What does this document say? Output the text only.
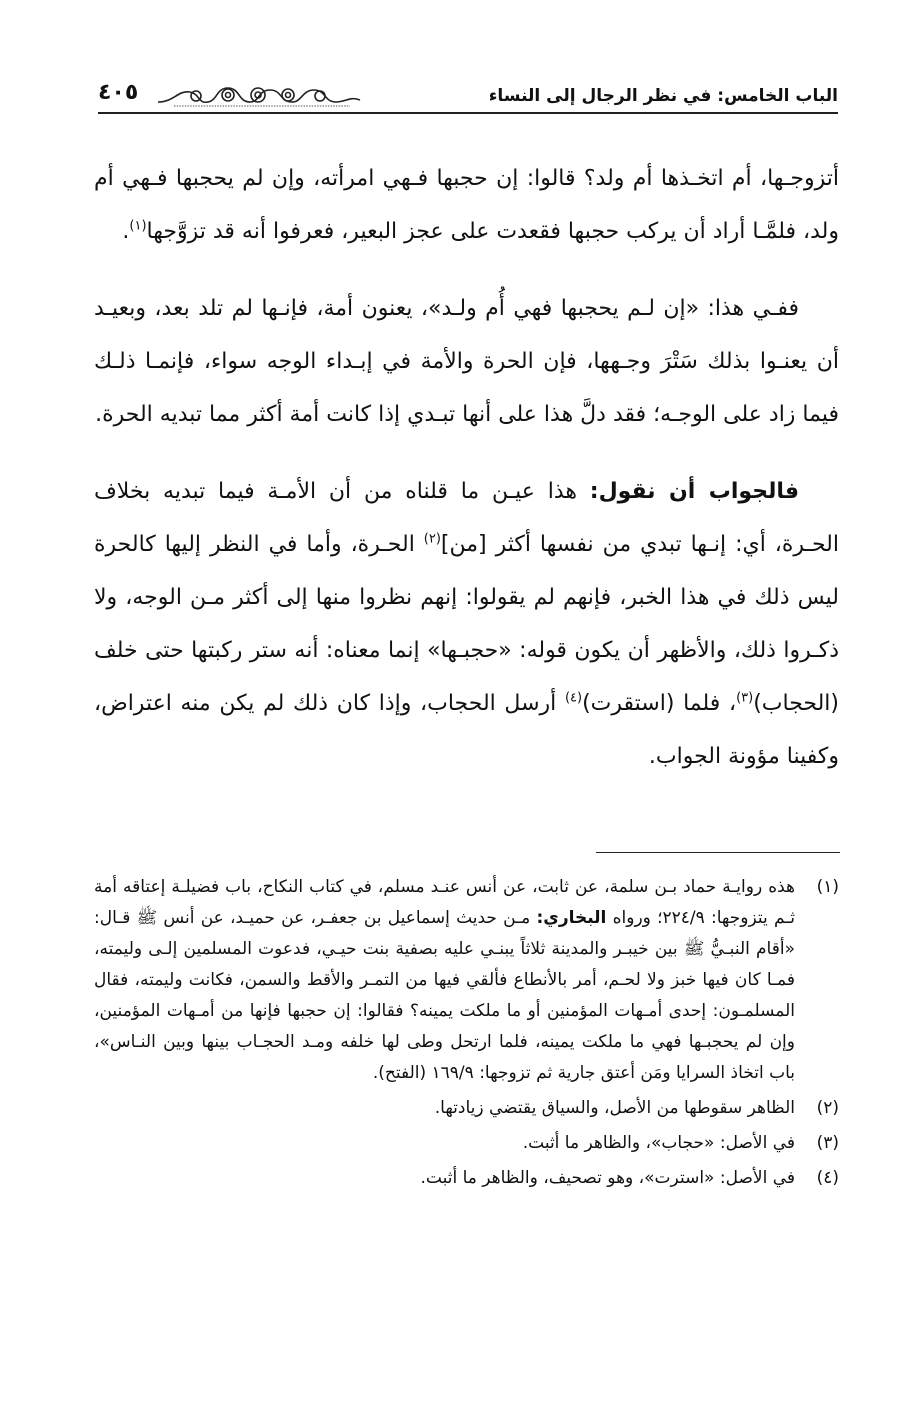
الباب الخامس: في نظر الرجال إلى النساء
٤٠٥

أتزوجـها، أم اتخـذها أم ولد؟ قالوا: إن حجبها فـهي امرأته، وإن لم يحجبها فـهي أم ولد، فلمَّـا أراد أن يركب حجبها فقعدت على عجز البعير، فعرفوا أنه قد تزوَّجها$^{(١)}$.

ففـي هذا: «إن لـم يحجبها فهي أُم ولـد»، يعنون أمة، فإنـها لم تلد بعد، وبعيـد أن يعنـوا بذلك سَتْرَ وجـهها، فإن الحرة والأمة في إبـداء الوجه سواء، فإنمـا ذلـك فيما زاد على الوجـه؛ فقد دلَّ هذا على أنها تبـدي إذا كانت أمة أكثر مما تبديه الحرة.

فالجواب أن نقول: هذا عيـن ما قلناه من أن الأمـة فيما تبديه بخلاف الحـرة، أي: إنـها تبدي من نفسها أكثر [من]$^{(٢)}$ الحـرة، وأما في النظر إليها كالحرة ليس ذلك في هذا الخبر، فإنهم لم يقولوا: إنهم نظروا منها إلى أكثر مـن الوجه، ولا ذكـروا ذلك، والأظهر أن يكون قوله: «حجبـها» إنما معناه: أنه ستر ركبتها حتى خلف (الحجاب)$^{(٣)}$، فلما (استقرت)$^{(٤)}$ أرسل الحجاب، وإذا كان ذلك لم يكن منه اعتراض، وكفينا مؤونة الجواب.

(١)
هذه روايـة حماد بـن سلمة، عن ثابت، عن أنس عنـد مسلم، في كتاب النكاح، باب فضيلـة إعتاقه أمة ثـم يتزوجها: ٢٢٤/٩؛ ورواه البخاري: مـن حديث إسماعيل بن جعفـر، عن حميـد، عن أنس ﷺ قـال: «أقام النبـيُّ ﷺ بين خيبـر والمدينة ثلاثاً يبنـي عليه بصفية بنت حيـي، فدعوت المسلمين إلـى وليمته، فمـا كان فيها خبز ولا لحـم، أمر بالأنطاع فألقي فيها من التمـر والأقط والسمن، فكانت وليمته، فقال المسلمـون: إحدى أمـهات المؤمنين أو ما ملكت يمينه؟ فقالوا: إن حجبها فإنها من أمـهات المؤمنين، وإن لم يحجبـها فهي ما ملكت يمينه، فلما ارتحل وطى لها خلفه ومـد الحجـاب بينها وبين النـاس»، باب اتخاذ السرايا ومَن أعتق جارية ثم تزوجها: ١٦٩/٩ (الفتح).
(٢)
الظاهر سقوطها من الأصل، والسياق يقتضي زيادتها.
(٣)
في الأصل: «حجاب»، والظاهر ما أثبت.
(٤)
في الأصل: «استرت»، وهو تصحيف، والظاهر ما أثبت.
